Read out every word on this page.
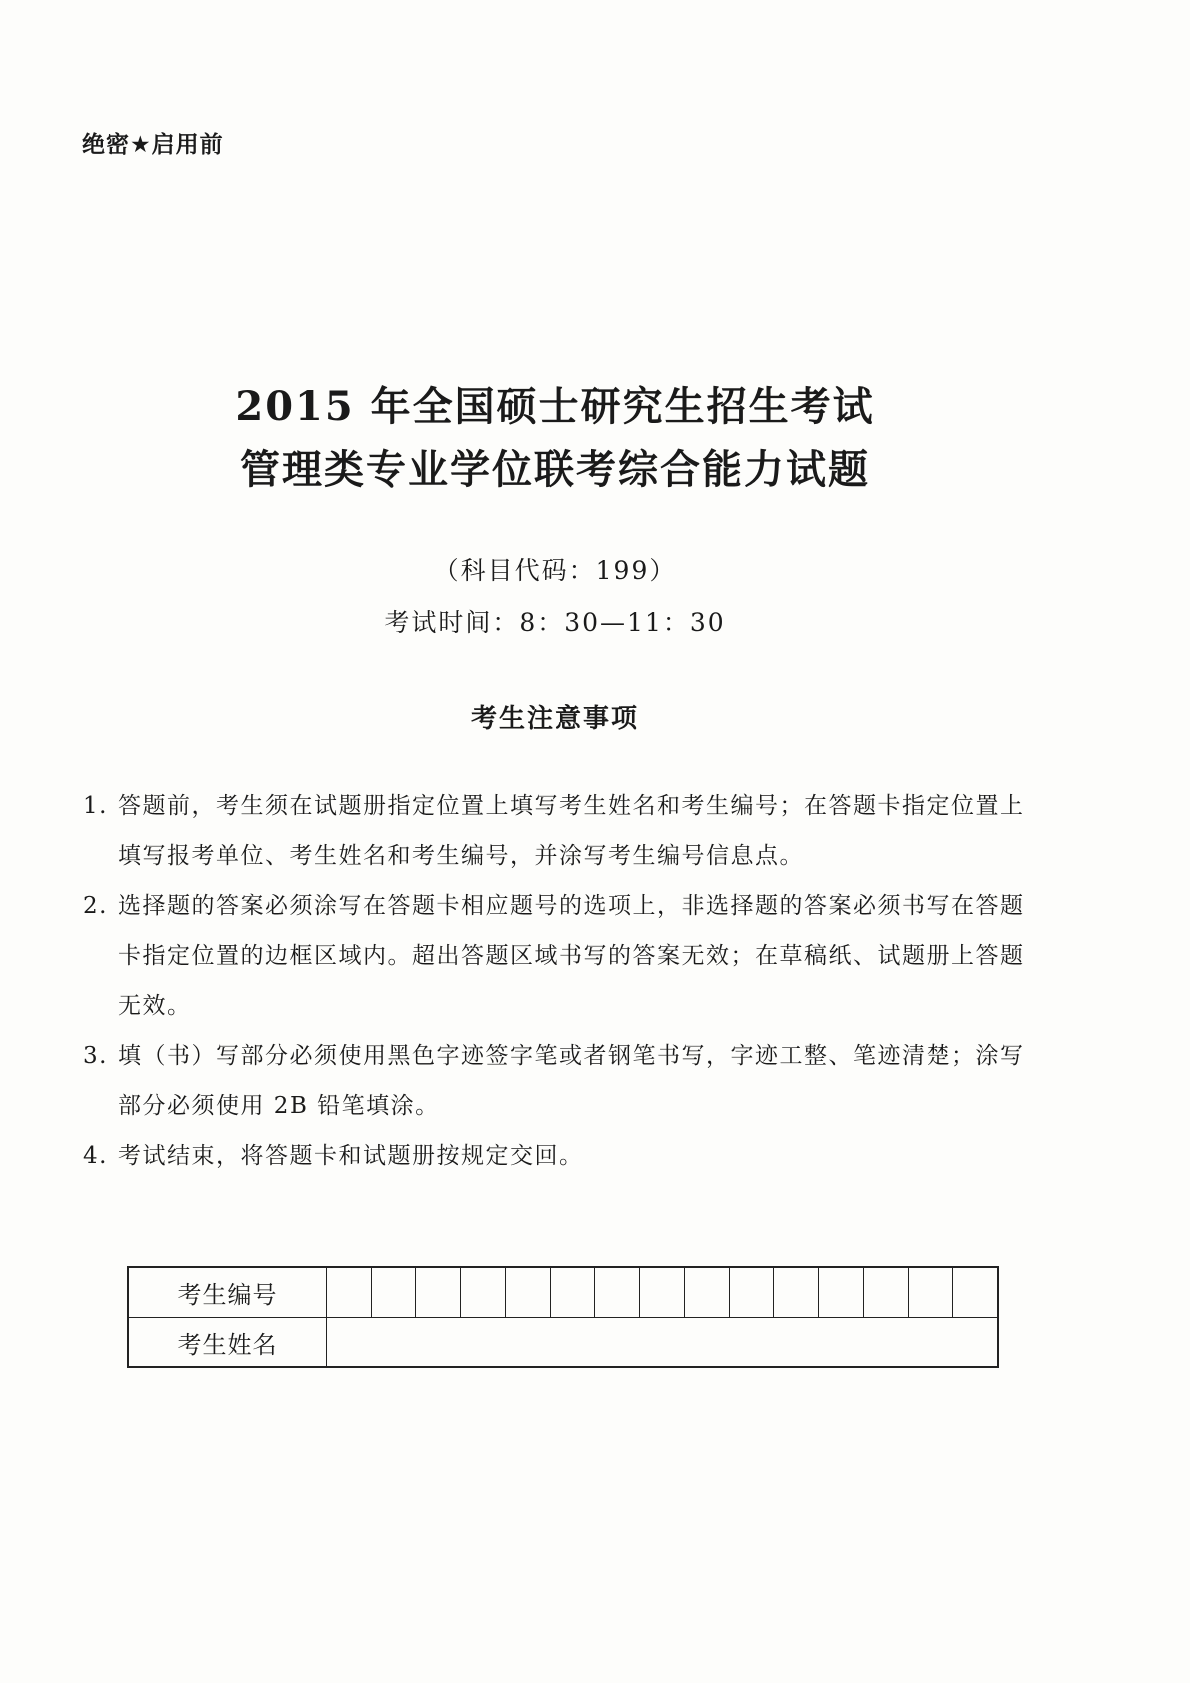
绝密★启用前
2015 年全国硕士研究生招生考试
管理类专业学位联考综合能力试题
（科目代码：199）
考试时间：8：30—11：30
考生注意事项
1. 答题前，考生须在试题册指定位置上填写考生姓名和考生编号；在答题卡指定位置上填写报考单位、考生姓名和考生编号，并涂写考生编号信息点。
2. 选择题的答案必须涂写在答题卡相应题号的选项上，非选择题的答案必须书写在答题卡指定位置的边框区域内。超出答题区域书写的答案无效；在草稿纸、试题册上答题无效。
3. 填（书）写部分必须使用黑色字迹签字笔或者钢笔书写，字迹工整、笔迹清楚；涂写部分必须使用 2B 铅笔填涂。
4. 考试结束，将答题卡和试题册按规定交回。
考生编号
考生姓名
